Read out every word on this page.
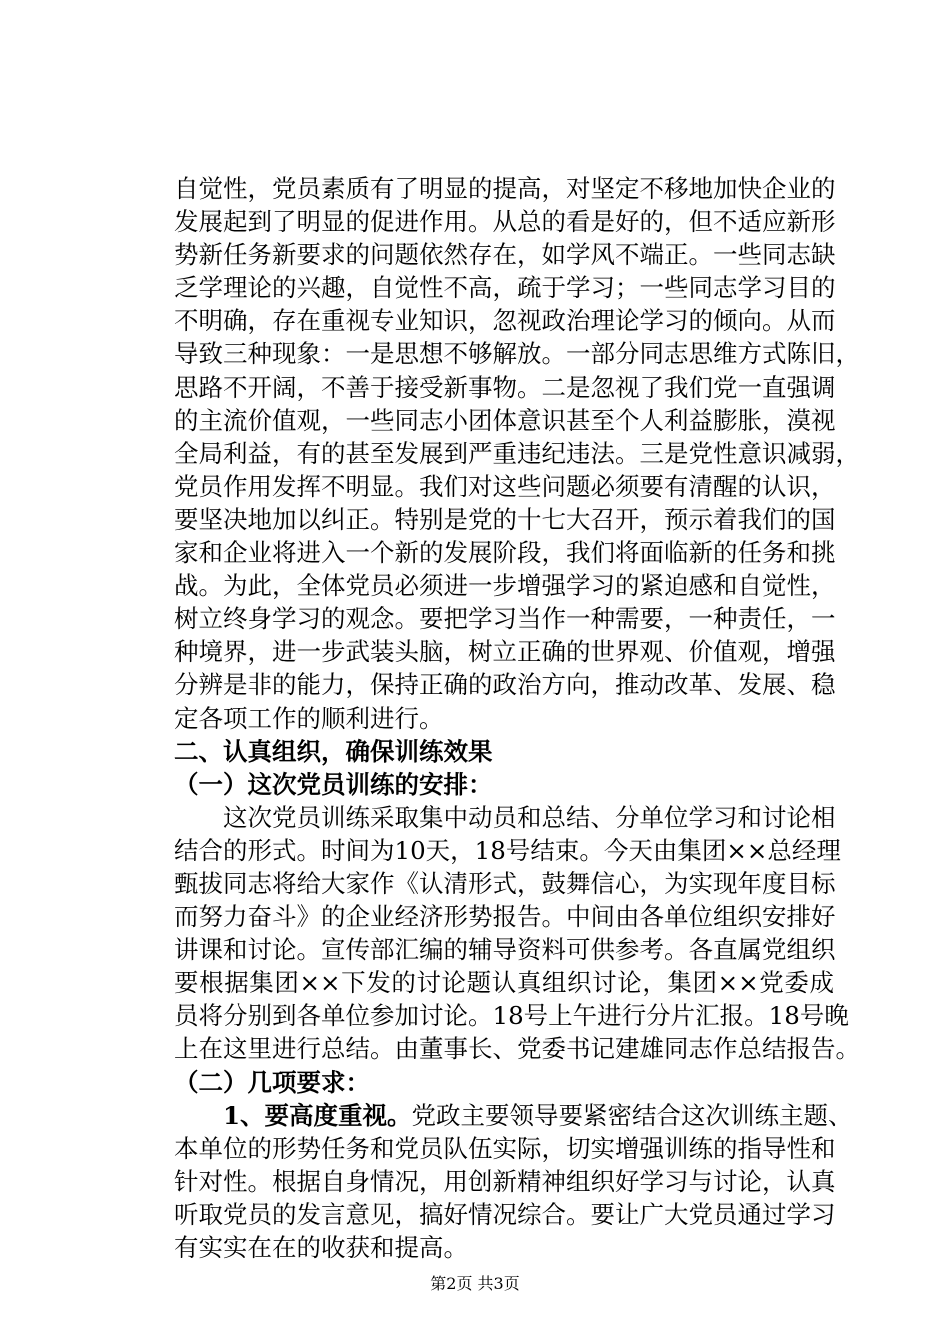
自觉性，党员素质有了明显的提高，对坚定不移地加快企业的
发展起到了明显的促进作用。从总的看是好的，但不适应新形
势新任务新要求的问题依然存在，如学风不端正。一些同志缺
乏学理论的兴趣，自觉性不高，疏于学习；一些同志学习目的
不明确，存在重视专业知识，忽视政治理论学习的倾向。从而
导致三种现象：一是思想不够解放。一部分同志思维方式陈旧，
思路不开阔，不善于接受新事物。二是忽视了我们党一直强调
的主流价值观，一些同志小团体意识甚至个人利益膨胀，漠视
全局利益，有的甚至发展到严重违纪违法。三是党性意识减弱，
党员作用发挥不明显。我们对这些问题必须要有清醒的认识，
要坚决地加以纠正。特别是党的十七大召开，预示着我们的国
家和企业将进入一个新的发展阶段，我们将面临新的任务和挑
战。为此，全体党员必须进一步增强学习的紧迫感和自觉性，
树立终身学习的观念。要把学习当作一种需要，一种责任，一
种境界，进一步武装头脑，树立正确的世界观、价值观，增强
分辨是非的能力，保持正确的政治方向，推动改革、发展、稳
定各项工作的顺利进行。
二、认真组织，确保训练效果
（一）这次党员训练的安排：
这次党员训练采取集中动员和总结、分单位学习和讨论相
结合的形式。时间为10天，18号结束。今天由集团××总经理
甄拔同志将给大家作《认清形式，鼓舞信心，为实现年度目标
而努力奋斗》的企业经济形势报告。中间由各单位组织安排好
讲课和讨论。宣传部汇编的辅导资料可供参考。各直属党组织
要根据集团××下发的讨论题认真组织讨论，集团××党委成
员将分别到各单位参加讨论。18号上午进行分片汇报。18号晚
上在这里进行总结。由董事长、党委书记建雄同志作总结报告。
（二）几项要求：
1、要高度重视。党政主要领导要紧密结合这次训练主题、
本单位的形势任务和党员队伍实际，切实增强训练的指导性和
针对性。根据自身情况，用创新精神组织好学习与讨论，认真
听取党员的发言意见，搞好情况综合。要让广大党员通过学习
有实实在在的收获和提高。
第2页 共3页
